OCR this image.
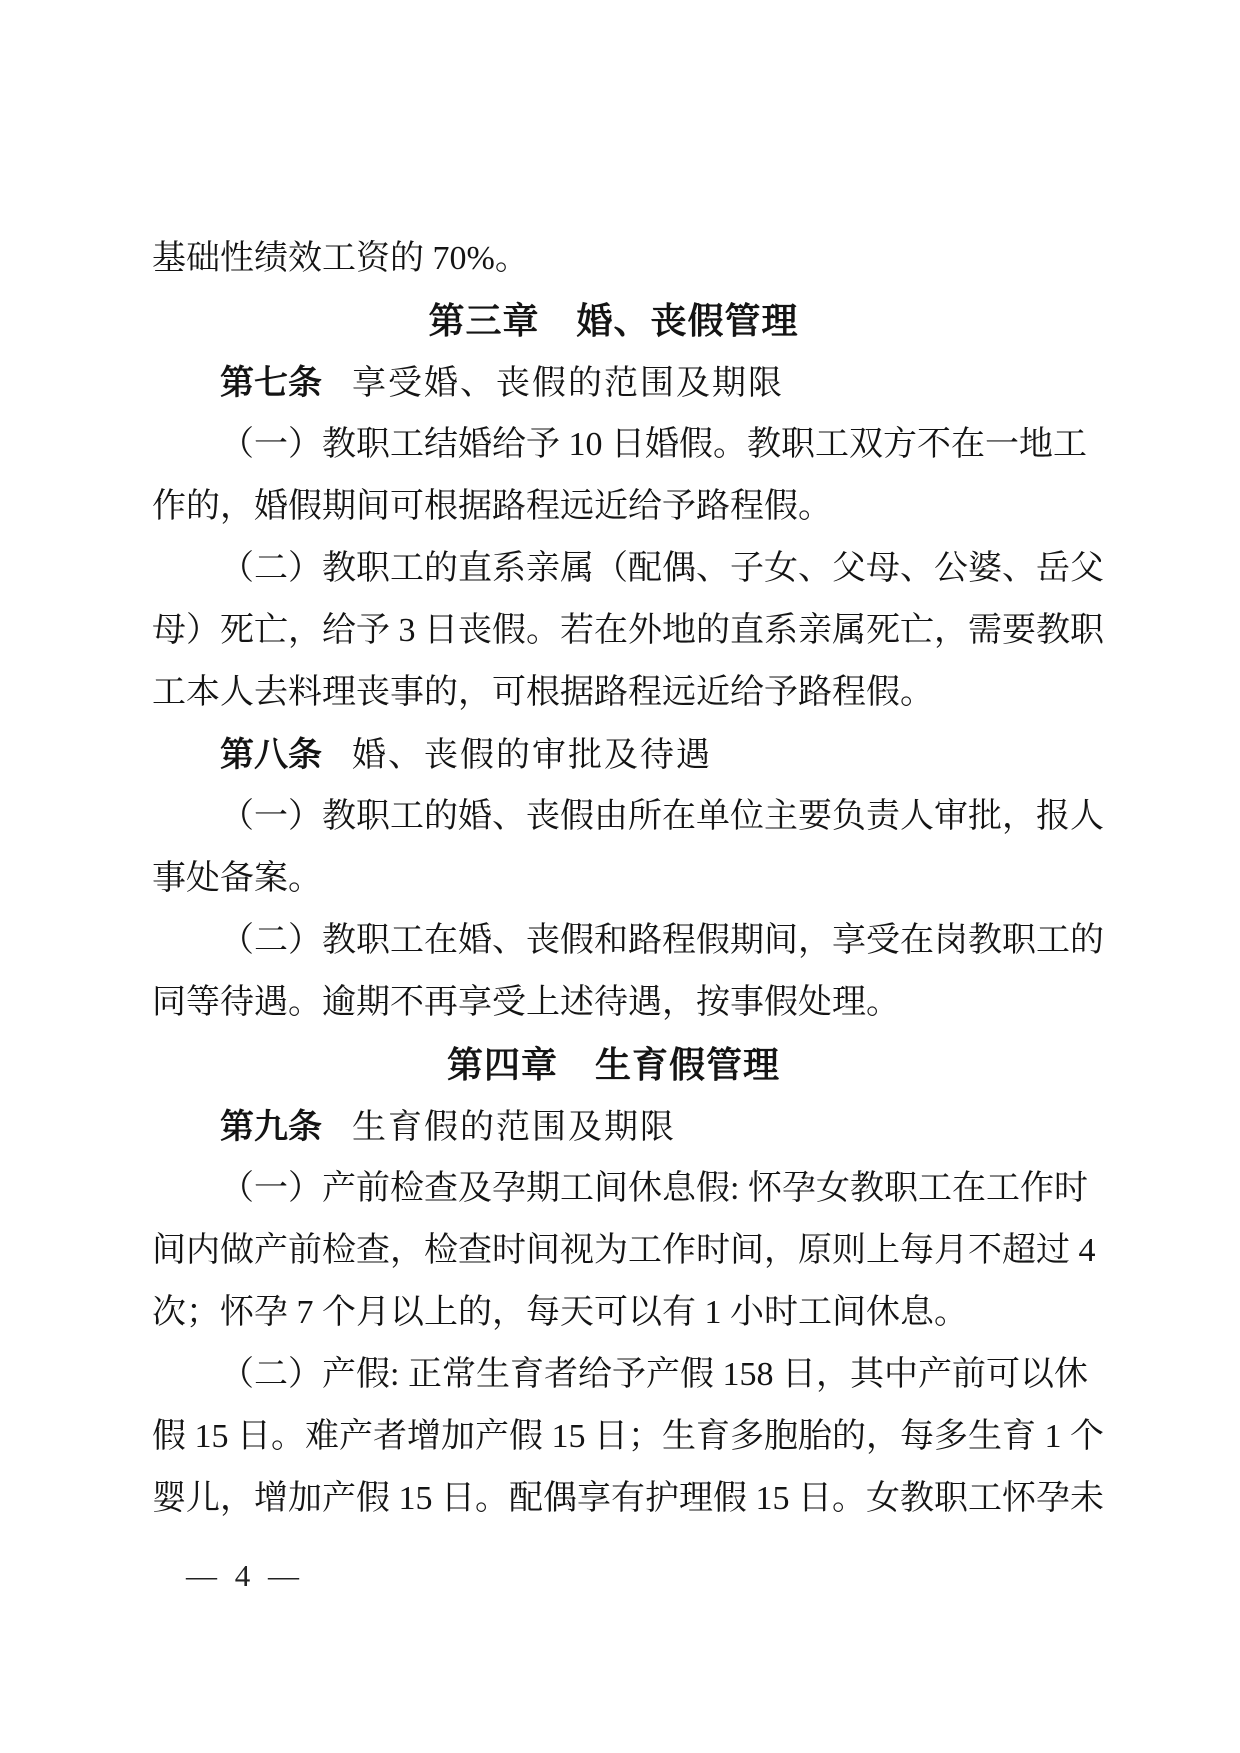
基础性绩效工资的 70%。
第三章　婚、丧假管理
第七条 享受婚、丧假的范围及期限
（ 一 ） 教 职 工 结 婚 给 予 10 日 婚 假 。 教 职 工 双 方 不 在 一 地 工
作的，婚假期间可根据路程远近给予路程假。
（ 二 ） 教 职 工 的 直 系 亲 属 （ 配 偶 、 子 女 、 父 母 、 公 婆 、 岳 父
母 ） 死 亡 ， 给 予 3 日 丧 假 。 若 在 外 地 的 直 系 亲 属 死 亡 ， 需 要 教 职
工本人去料理丧事的，可根据路程远近给予路程假。
第八条 婚、丧假的审批及待遇
（ 一 ） 教 职 工 的 婚 、 丧 假 由 所 在 单 位 主 要 负 责 人 审 批 ， 报 人
事处备案。
（ 二 ） 教 职 工 在 婚 、 丧 假 和 路 程 假 期 间 ， 享 受 在 岗 教 职 工 的
同等待遇。逾期不再享受上述待遇，按事假处理。
第四章　生育假管理
第九条 生育假的范围及期限
（ 一 ） 产 前 检 查 及 孕 期 工 间 休 息 假 : 怀 孕 女 教 职 工 在 工 作 时
间 内 做 产 前 检 查 ， 检 查 时 间 视 为 工 作 时 间 ， 原 则 上 每 月 不 超 过 4
次；怀孕 7 个月以上的，每天可以有 1 小时工间休息。
（ 二 ） 产 假 : 正 常 生 育 者 给 予 产 假 158 日 ， 其 中 产 前 可 以 休
假 15 日 。 难 产 者 增 加 产 假 15 日 ； 生 育 多 胞 胎 的 ， 每 多 生 育 1 个
婴 儿 ， 增 加 产 假 15 日 。 配 偶 享 有 护 理 假 15 日 。 女 教 职 工 怀 孕 未
— 4 —
